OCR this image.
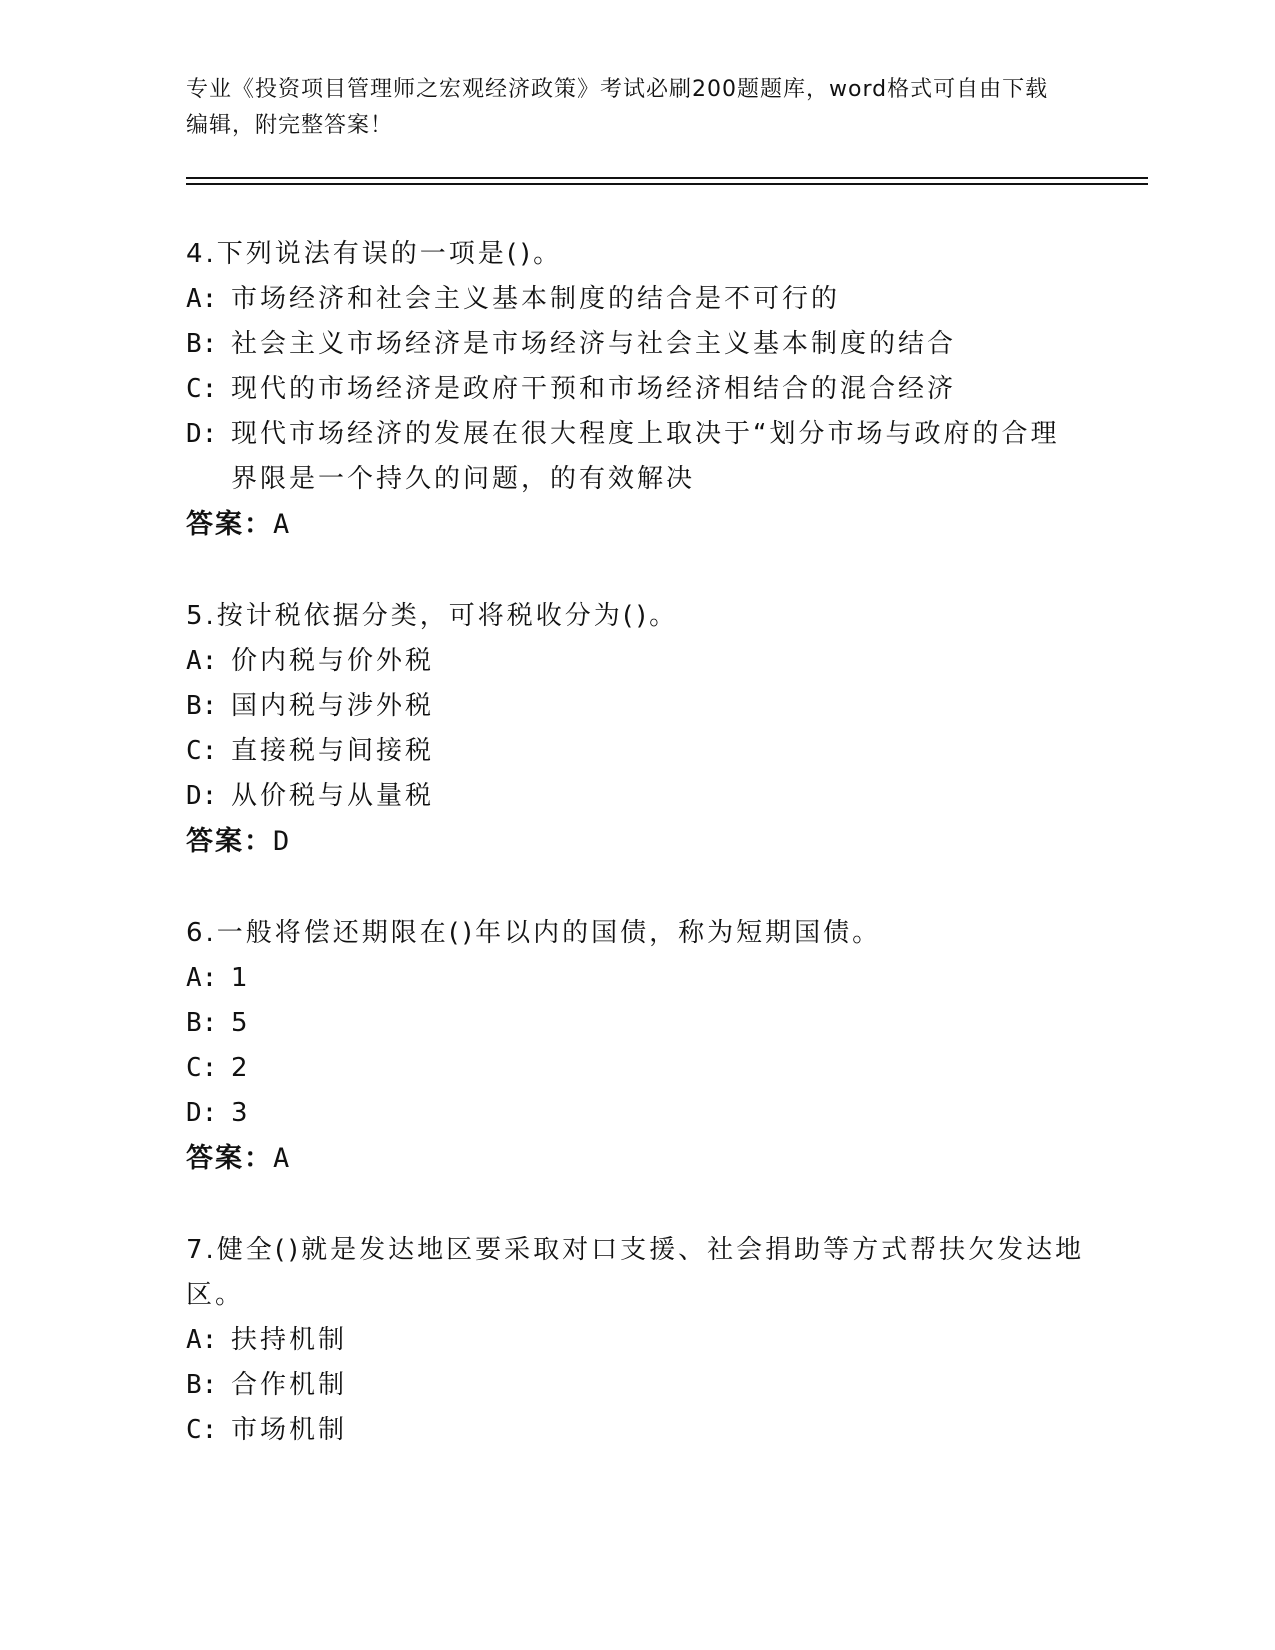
专业《投资项目管理师之宏观经济政策》考试必刷200题题库，word格式可自由下载编辑，附完整答案！
4.下列说法有误的一项是()。
A: 市场经济和社会主义基本制度的结合是不可行的
B: 社会主义市场经济是市场经济与社会主义基本制度的结合
C: 现代的市场经济是政府干预和市场经济相结合的混合经济
D: 现代市场经济的发展在很大程度上取决于“划分市场与政府的合理界限是一个持久的问题，的有效解决
答案：A
5.按计税依据分类，可将税收分为()。
A: 价内税与价外税
B: 国内税与涉外税
C: 直接税与间接税
D: 从价税与从量税
答案：D
6.一般将偿还期限在()年以内的国债，称为短期国债。
A: 1
B: 5
C: 2
D: 3
答案：A
7.健全()就是发达地区要采取对口支援、社会捐助等方式帮扶欠发达地区。
A: 扶持机制
B: 合作机制
C: 市场机制
